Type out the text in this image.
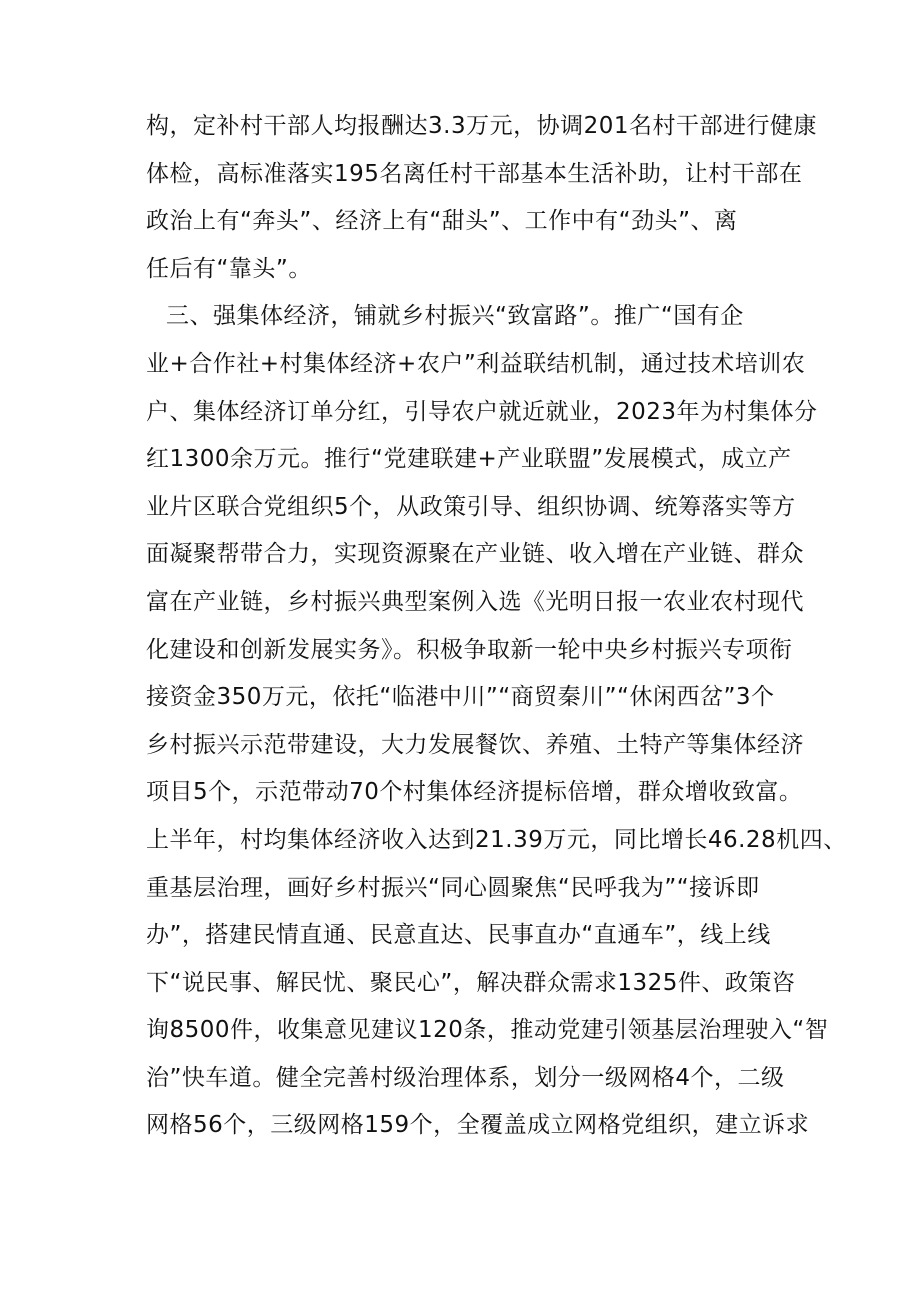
构，定补村干部人均报酬达3.3万元，协调201名村干部进行健康
体检，高标准落实195名离任村干部基本生活补助，让村干部在
政治上有“奔头”、经济上有“甜头”、工作中有“劲头”、离
任后有“靠头”。
三、强集体经济，铺就乡村振兴“致富路”。推广“国有企
业+合作社+村集体经济+农户”利益联结机制，通过技术培训农
户、集体经济订单分红，引导农户就近就业，2023年为村集体分
红1300余万元。推行“党建联建+产业联盟”发展模式，成立产
业片区联合党组织5个，从政策引导、组织协调、统筹落实等方
面凝聚帮带合力，实现资源聚在产业链、收入增在产业链、群众
富在产业链，乡村振兴典型案例入选《光明日报一农业农村现代
化建设和创新发展实务》。积极争取新一轮中央乡村振兴专项衔
接资金350万元，依托“临港中川”“商贸秦川”“休闲西岔”3个
乡村振兴示范带建设，大力发展餐饮、养殖、土特产等集体经济
项目5个，示范带动70个村集体经济提标倍增，群众增收致富。
上半年，村均集体经济收入达到21.39万元，同比增长46.28机四、
重基层治理，画好乡村振兴“同心圆聚焦“民呼我为”“接诉即
办”，搭建民情直通、民意直达、民事直办“直通车”，线上线
下“说民事、解民忧、聚民心”，解决群众需求1325件、政策咨
询8500件，收集意见建议120条，推动党建引领基层治理驶入“智
治”快车道。健全完善村级治理体系，划分一级网格4个，二级
网格56个，三级网格159个，全覆盖成立网格党组织，建立诉求
